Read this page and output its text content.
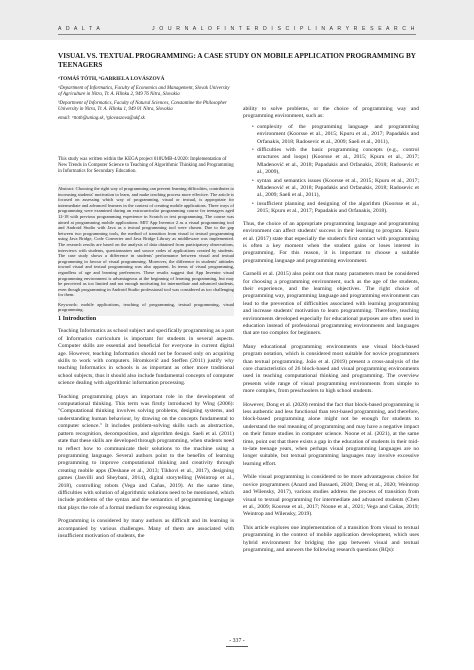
A D A L T A	J O U R N A L O F I N T E R D I S C I P L I N A R Y R E S E A R C H
VISUAL VS. TEXTUAL PROGRAMMING: A CASE STUDY ON MOBILE APPLICATION PROGRAMMING BY TEENAGERS
ᵃTOMÁŠ TÓTH, ᵇGABRIELA LOVÁSZOVÁ
ᵃDepartment of Informatics, Faculty of Economics and Management, Slovak University of Agriculture in Nitra, Tr. A. Hlinku 2, 949 76 Nitra, Slovakia
ᵇDepartment of Informatics, Faculty of Natural Sciences, Constantine the Philosopher University in Nitra, Tr. A. Hlinku 1, 949 01 Nitra, Slovakia
email: ᵃttoth@uniag.sk, ᵇglovaszova@ukf.sk
This study was written within the KEGA project 018UMB-4/2020: Implementation of New Trends in Computer Science to Teaching of Algorithmic Thinking and Programming in Informatics for Secondary Education.
Abstract: Choosing the right way of programming can prevent learning difficulties, contributes to increasing students' motivation to learn, and make teaching process more effective. The article is focused on assessing which way of programming, visual or textual, is appropriate for intermediate and advanced learners in the context of creating mobile applications. Three ways of programming were examined during an extracurricular programming course for teenagers aged 12-18 with previous programming experience in Scratch or text programming. The course was aimed at programming mobile applications: MIT App Inventor 2 as a visual programming tool and Android Studio with Java as a textual programming tool were chosen. Due to the gap between two programming tools, the method of transition from visual to textual programming using Java Bridge, Code Converter and Java Bridge Library as middleware was implemented. The research results are based on the analysis of data obtained from participatory observations, interviews with students, questionnaires and source codes of applications created by students. The case study shows a difference in students' performance between visual and textual programming in favour of visual programming. Moreover, the difference in students' attitudes toward visual and textual programming was also apparent. In terms of visual programming, regardless of age and learning preferences. These results suggest that App Inventor visual programming environment is advantageous at the beginning of learning programming, but may be perceived as too limited and not enough motivating for intermediate and advanced students, even though programming in Android Studio professional tool was considered as too challenging for them.
Keywords: mobile applications, teaching of programming, textual programming, visual programming.
1 Introduction

Teaching Informatics as school subject and specifically programming as a part of Informatics curriculum is important for students in several aspects. Computer skills are essential and beneficial for everyone in current digital age. However, teaching Informatics should not be focused only on acquiring skills to work with computers. Hromkovič and Steffen (2011) justify why teaching Informatics in schools is as important as other more traditional school subjects, thus it should also include fundamental concepts of computer science dealing with algorithmic information processing.

Teaching programming plays an important role in the development of computational thinking. This term was firstly introduced by Wing (2006): "Computational thinking involves solving problems, designing systems, and understanding human behaviour, by drawing on the concepts fundamental to computer science." It includes problem-solving skills such as abstraction, pattern recognition, decomposition, and algorithm design. Saeli et al. (2011) state that these skills are developed through programming, when students need to reflect how to communicate their solutions to the machine using a programming language. Several authors point to the benefits of learning programming to improve computational thinking and creativity through creating mobile apps (Deshane et al., 2013; Tikhovi et al., 2017), designing games (Jasvilli and Sheybani, 2014), digital storytelling (Weintrop et al., 2018), controlling robots (Vega and Cañas, 2019). At the same time, difficulties with solution of algorithmic solutions need to be mentioned, which include problems of the syntax and the semantics of programming language that plays the role of a formal medium for expressing ideas.

Programming is considered by many authors as difficult and its learning is accompanied by various challenges. Many of them are associated with insufficient motivation of students, the

ability to solve problems, or the choice of programming way and programming environment, such as:

• complexity of the programming language and programming environment (Koorsse et al., 2015; Kpuru et al., 2017; Papadakis and Orfanakis, 2018; Radosevic et al., 2009; Saeli et al., 2011),
• difficulties with the basic programming concepts (e.g., control structures and loops) (Koorsse et al., 2015; Kpuru et al., 2017; Mladenović et al., 2018; Papadakis and Orfanakis, 2018; Radosevic et al., 2009),
• syntax and semantics issues (Koorsse et al., 2015; Kpuru et al., 2017; Mladenović et al., 2018; Papadakis and Orfanakis, 2018; Radosevic et al., 2009; Saeli et al., 2011),
• insufficient planning and designing of the algorithm (Koorsse et al., 2015; Kpuru et al., 2017; Papadakis and Orfanakis, 2018).

Thus, the choice of an appropriate programming language and programming environment can affect students' success in their learning to program. Kpuru et al. (2017) state that especially the student's first contact with programming is often a key moment when the student gains or loses interest in programming. For this reason, it is important to choose a suitable programming language and programming environment.

Garnelli et al. (2015) also point out that many parameters must be considered for choosing a programming environment, such as the age of the students, their experience, and the learning objectives. The right choice of programming way, programming language and programming environment can lead to the prevention of difficulties associated with learning programming and increase students' motivation to learn programming. Therefore, teaching environments developed especially for educational purposes are often used in education instead of professional programming environments and languages that are too complex for beginners.

Many educational programming environments use visual block-based program notation, which is considered most suitable for novice programmers than textual programming. João et al. (2019) present a cross-analysis of the core characteristics of 26 block-based and visual programming environments used in teaching computational thinking and programming. The overview presents wide range of visual programming environments from simple to more complex, from preschoolers to high school students.

However, Dong et al. (2020) remind the fact that block-based programming is less authentic and less functional than text-based programming, and therefore, block-based programming alone might not be enough for students to understand the real meaning of programming and may have a negative impact on their future studies in computer science. Noone et al. (2021), at the same time, point out that there exists a gap in the education of students in their mid-to-late teenage years, when perhaps visual programming languages are no longer suitable, but textual programming languages may involve excessive learning effort.

While visual programming is considered to be more advantageous choice for novice programmers (Anard and Bussaeti, 2020; Deng et al., 2020; Weintrop and Wilensky, 2017), various studies address the process of transition from visual to textual programming for intermediate and advanced students (Chen et al., 2009; Koorsse et al., 2017; Noone et al., 2021; Vega and Cañas, 2019; Weintrop and Wilensky, 2019).

This article explores one implementation of a transition from visual to textual programming in the context of mobile application development, which uses hybrid environment for bridging the gap between visual and textual programming, and answers the following research questions (RQs):

- 337 -
